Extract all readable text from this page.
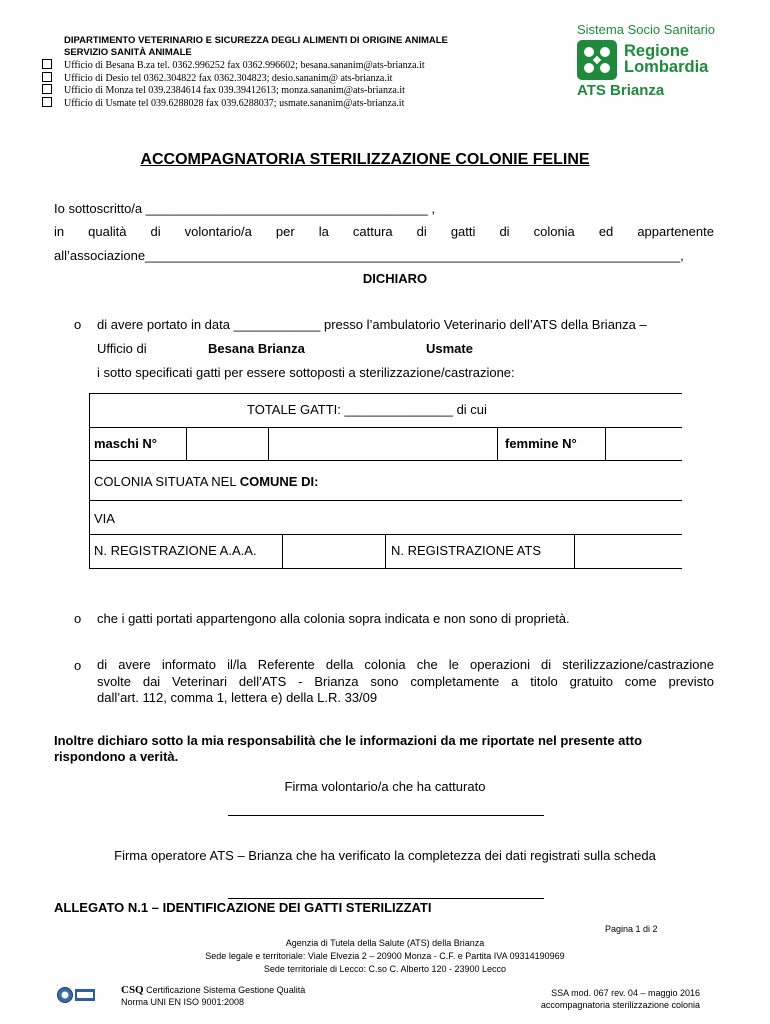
DIPARTIMENTO VETERINARIO E SICUREZZA DEGLI ALIMENTI DI ORIGINE ANIMALE
SERVIZIO SANITÀ ANIMALE
Ufficio di Besana B.za tel. 0362.996252 fax 0362.996602; besana.sananim@ats-brianza.it
Ufficio di Desio tel 0362.304822 fax 0362.304823; desio.sananim@ ats-brianza.it
Ufficio di Monza tel 039.2384614 fax 039.39412613; monza.sananim@ats-brianza.it
Ufficio di Usmate tel 039.6288028 fax 039.6288037; usmate.sananim@ats-brianza.it
Sistema Socio Sanitario
Regione
Lombardia
ATS Brianza
ACCOMPAGNATORIA STERILIZZAZIONE COLONIE FELINE
Io sottoscritto/a _______________________________________ ,
in qualità di volontario/a per la cattura di gatti di colonia ed appartenente
all’associazione__________________________________________________________________________,
DICHIARO
o di avere portato in data ____________ presso l’ambulatorio Veterinario dell’ATS della Brianza –
Ufficio di	Besana Brianza	Usmate
i sotto specificati gatti per essere sottoposti a sterilizzazione/castrazione:
TOTALE GATTI: _______________ di cui
maschi N°	femmine N°
COLONIA SITUATA NEL COMUNE DI:
VIA
N. REGISTRAZIONE A.A.A.	N. REGISTRAZIONE ATS
o che i gatti portati appartengono alla colonia sopra indicata e non sono di proprietà.
o di avere informato il/la Referente della colonia che le operazioni di sterilizzazione/castrazione
svolte dai Veterinari dell’ATS - Brianza sono completamente a titolo gratuito come previsto
dall’art. 112, comma 1, lettera e) della L.R. 33/09
Inoltre dichiaro sotto la mia responsabilità che le informazioni da me riportate nel presente atto rispondono a verità.
Firma volontario/a che ha catturato
Firma operatore ATS – Brianza che ha verificato la completezza dei dati registrati sulla scheda
ALLEGATO N.1 – IDENTIFICAZIONE DEI GATTI STERILIZZATI
Pagina 1 di 2
Agenzia di Tutela della Salute (ATS) della Brianza
Sede legale e territoriale: Viale Elvezia 2 – 20900 Monza - C.F. e Partita IVA 09314190969
Sede territoriale di Lecco: C.so C. Alberto 120 - 23900 Lecco
CSQ Certificazione Sistema Gestione Qualità
Norma UNI EN ISO 9001:2008
SSA mod. 067 rev. 04 – maggio 2016
accompagnatoria sterilizzazione colonia
